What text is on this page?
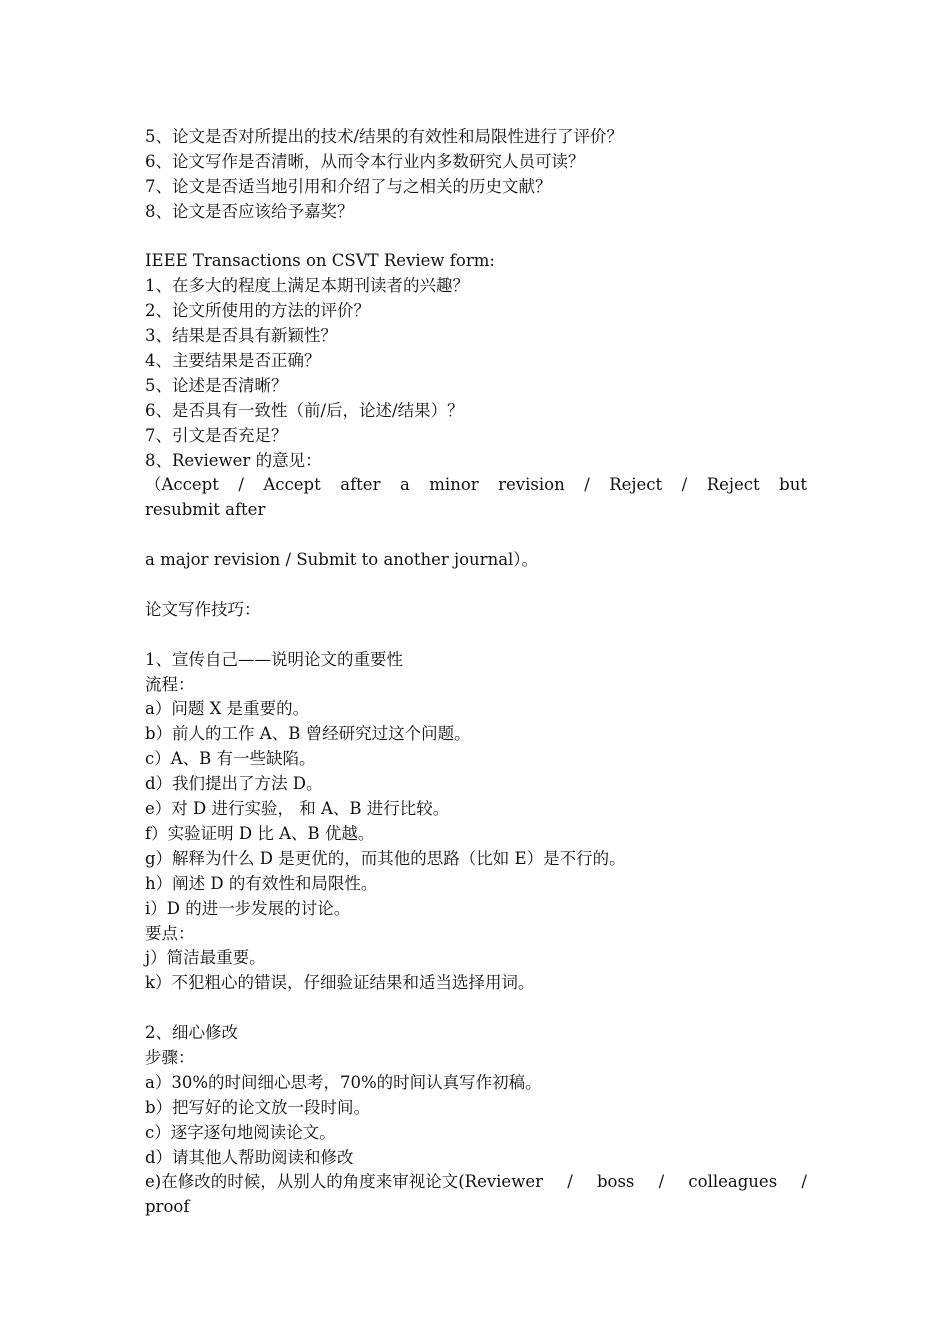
5、论文是否对所提出的技术/结果的有效性和局限性进行了评价？
6、论文写作是否清晰，从而令本行业内多数研究人员可读？
7、论文是否适当地引用和介绍了与之相关的历史文献？
8、论文是否应该给予嘉奖？
IEEE Transactions on CSVT Review form:
1、在多大的程度上满足本期刊读者的兴趣？
2、论文所使用的方法的评价？
3、结果是否具有新颖性？
4、主要结果是否正确？
5、论述是否清晰？
6、是否具有一致性（前/后，论述/结果）？
7、引文是否充足？
8、Reviewer 的意见：
（Accept / Accept after a minor revision / Reject / Reject but
resubmit after
a major revision / Submit to another journal）。
论文写作技巧：
1、宣传自己——说明论文的重要性
流程：
a）问题 X 是重要的。
b）前人的工作 A、B 曾经研究过这个问题。
c）A、B 有一些缺陷。
d）我们提出了方法 D。
e）对 D 进行实验， 和 A、B 进行比较。
f）实验证明 D 比 A、B 优越。
g）解释为什么 D 是更优的，而其他的思路（比如 E）是不行的。
h）阐述 D 的有效性和局限性。
i）D 的进一步发展的讨论。
要点：
j）简洁最重要。
k）不犯粗心的错误，仔细验证结果和适当选择用词。
2、细心修改
步骤：
a）30%的时间细心思考，70%的时间认真写作初稿。
b）把写好的论文放一段时间。
c）逐字逐句地阅读论文。
d）请其他人帮助阅读和修改
e)在修改的时候，从别人的角度来审视论文(Reviewer / boss / colleagues /
proof
